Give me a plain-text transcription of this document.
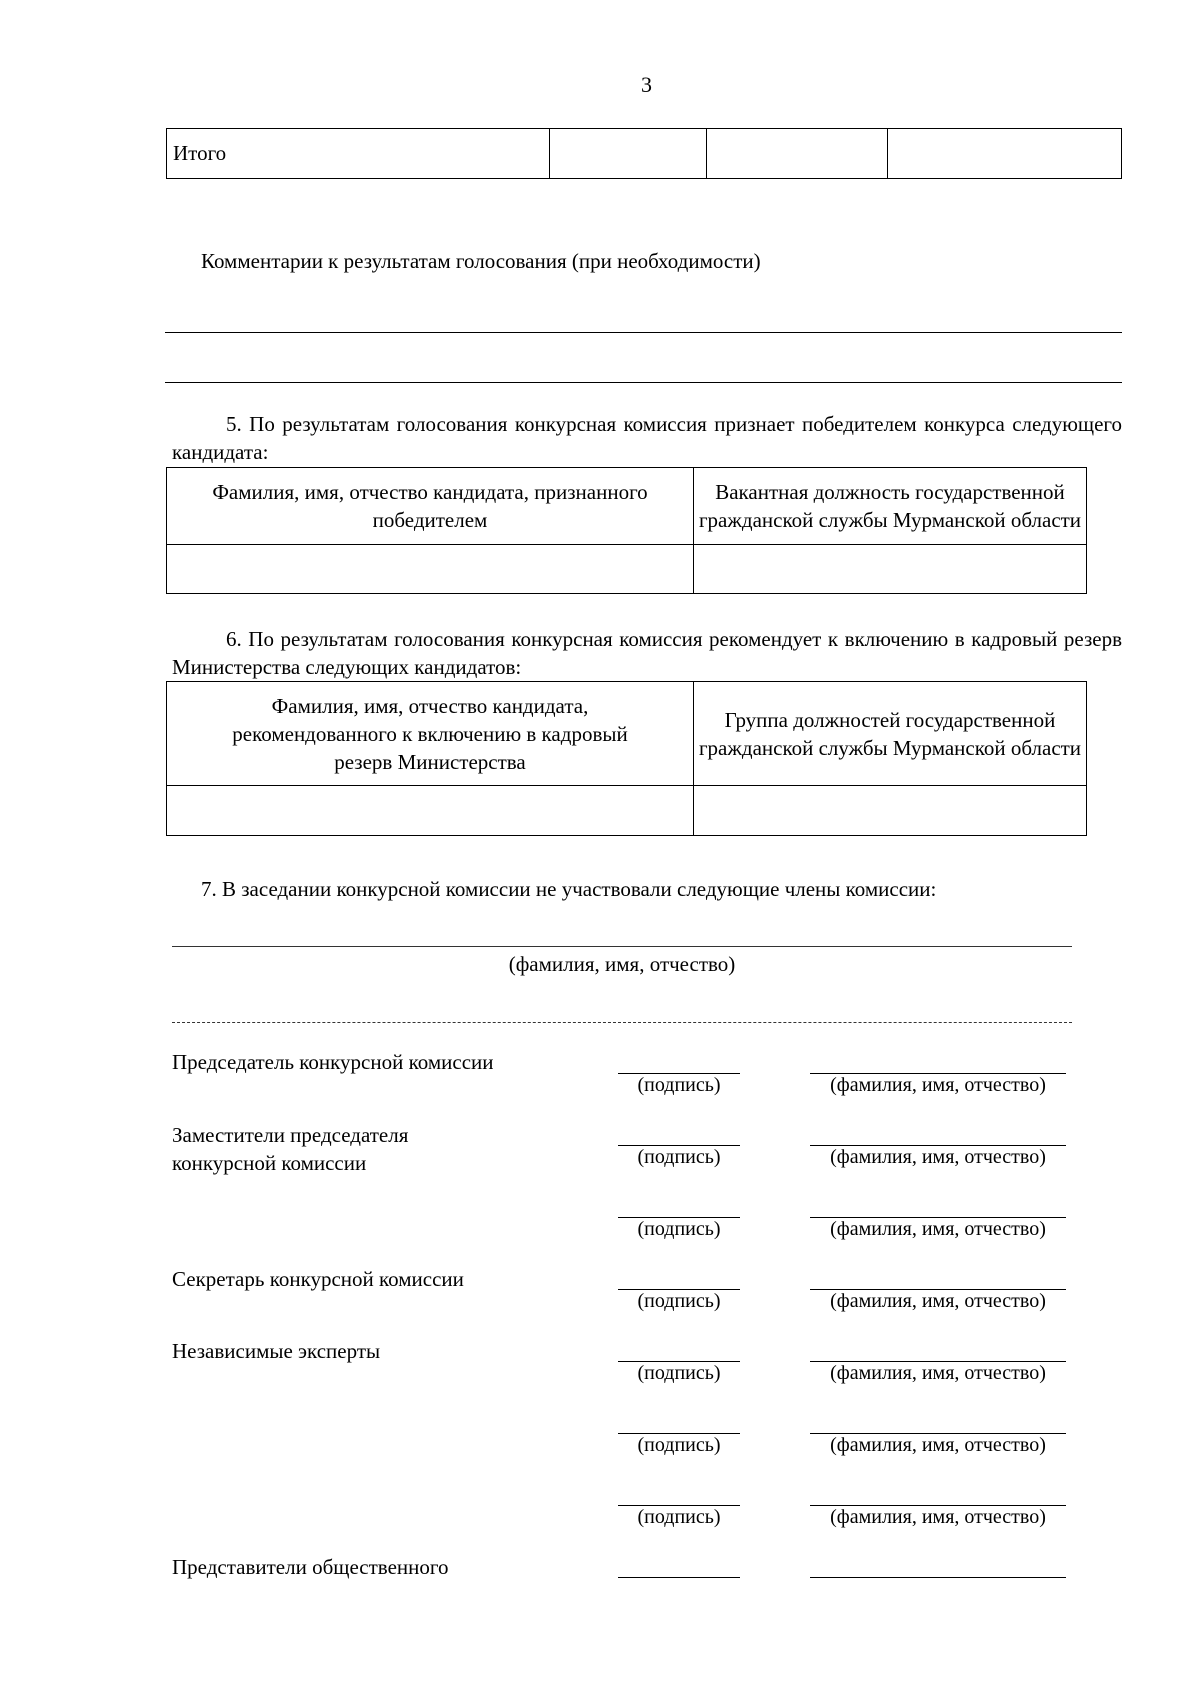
3
Итого			
Комментарии к результатам голосования (при необходимости)
5. По результатам голосования конкурсная комиссия признает победителем конкурса следующего кандидата:
Фамилия, имя, отчество кандидата, признанного победителем	Вакантная должность государственной гражданской службы Мурманской области

6. По результатам голосования конкурсная комиссия рекомендует к включению в кадровый резерв Министерства следующих кандидатов:
Фамилия, имя, отчество кандидата, рекомендованного к включению в кадровый резерв Министерства	Группа должностей государственной гражданской службы Мурманской области

7. В заседании конкурсной комиссии не участвовали следующие члены комиссии:
(фамилия, имя, отчество)
Председатель конкурсной комиссии
(подпись)	(фамилия, имя, отчество)
Заместители председателя
конкурсной комиссии	(подпись)	(фамилия, имя, отчество)
(подпись)	(фамилия, имя, отчество)
Секретарь конкурсной комиссии
(подпись)	(фамилия, имя, отчество)
Независимые эксперты
(подпись)	(фамилия, имя, отчество)
(подпись)	(фамилия, имя, отчество)
(подпись)	(фамилия, имя, отчество)
Представители общественного
